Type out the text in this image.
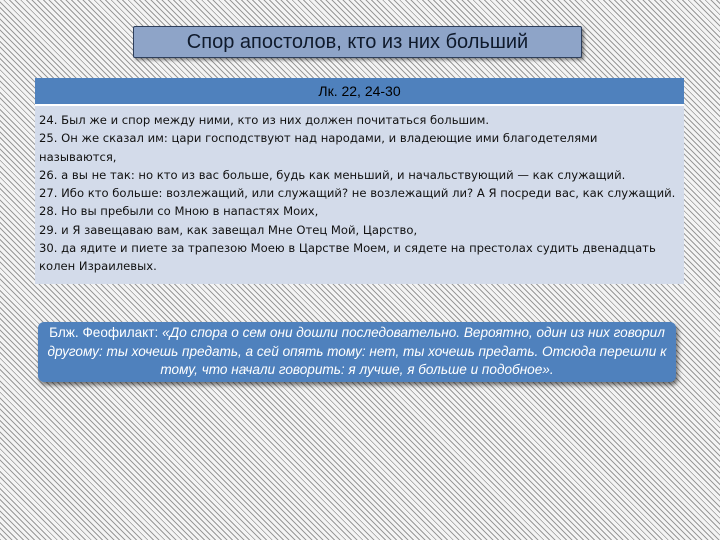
Спор апостолов, кто из них больший
Лк. 22, 24-30
24. Был же и спор между ними, кто из них должен почитаться большим.
25. Он же сказал им: цари господствуют над народами, и владеющие ими благодетелями называются,
26. а вы не так: но кто из вас больше, будь как меньший, и начальствующий — как служащий.
27. Ибо кто больше: возлежащий, или служащий? не возлежащий ли? А Я посреди вас, как служащий.
28. Но вы пребыли со Мною в напастях Моих,
29. и Я завещаваю вам, как завещал Мне Отец Мой, Царство,
30. да ядите и пиете за трапезою Моею в Царстве Моем, и сядете на престолах судить двенадцать колен Израилевых.
Блж. Феофилакт: «До спора о сем они дошли последовательно. Вероятно, один из них говорил другому: ты хочешь предать, а сей опять тому: нет, ты хочешь предать. Отсюда перешли к тому, что начали говорить: я лучше, я больше и подобное».
